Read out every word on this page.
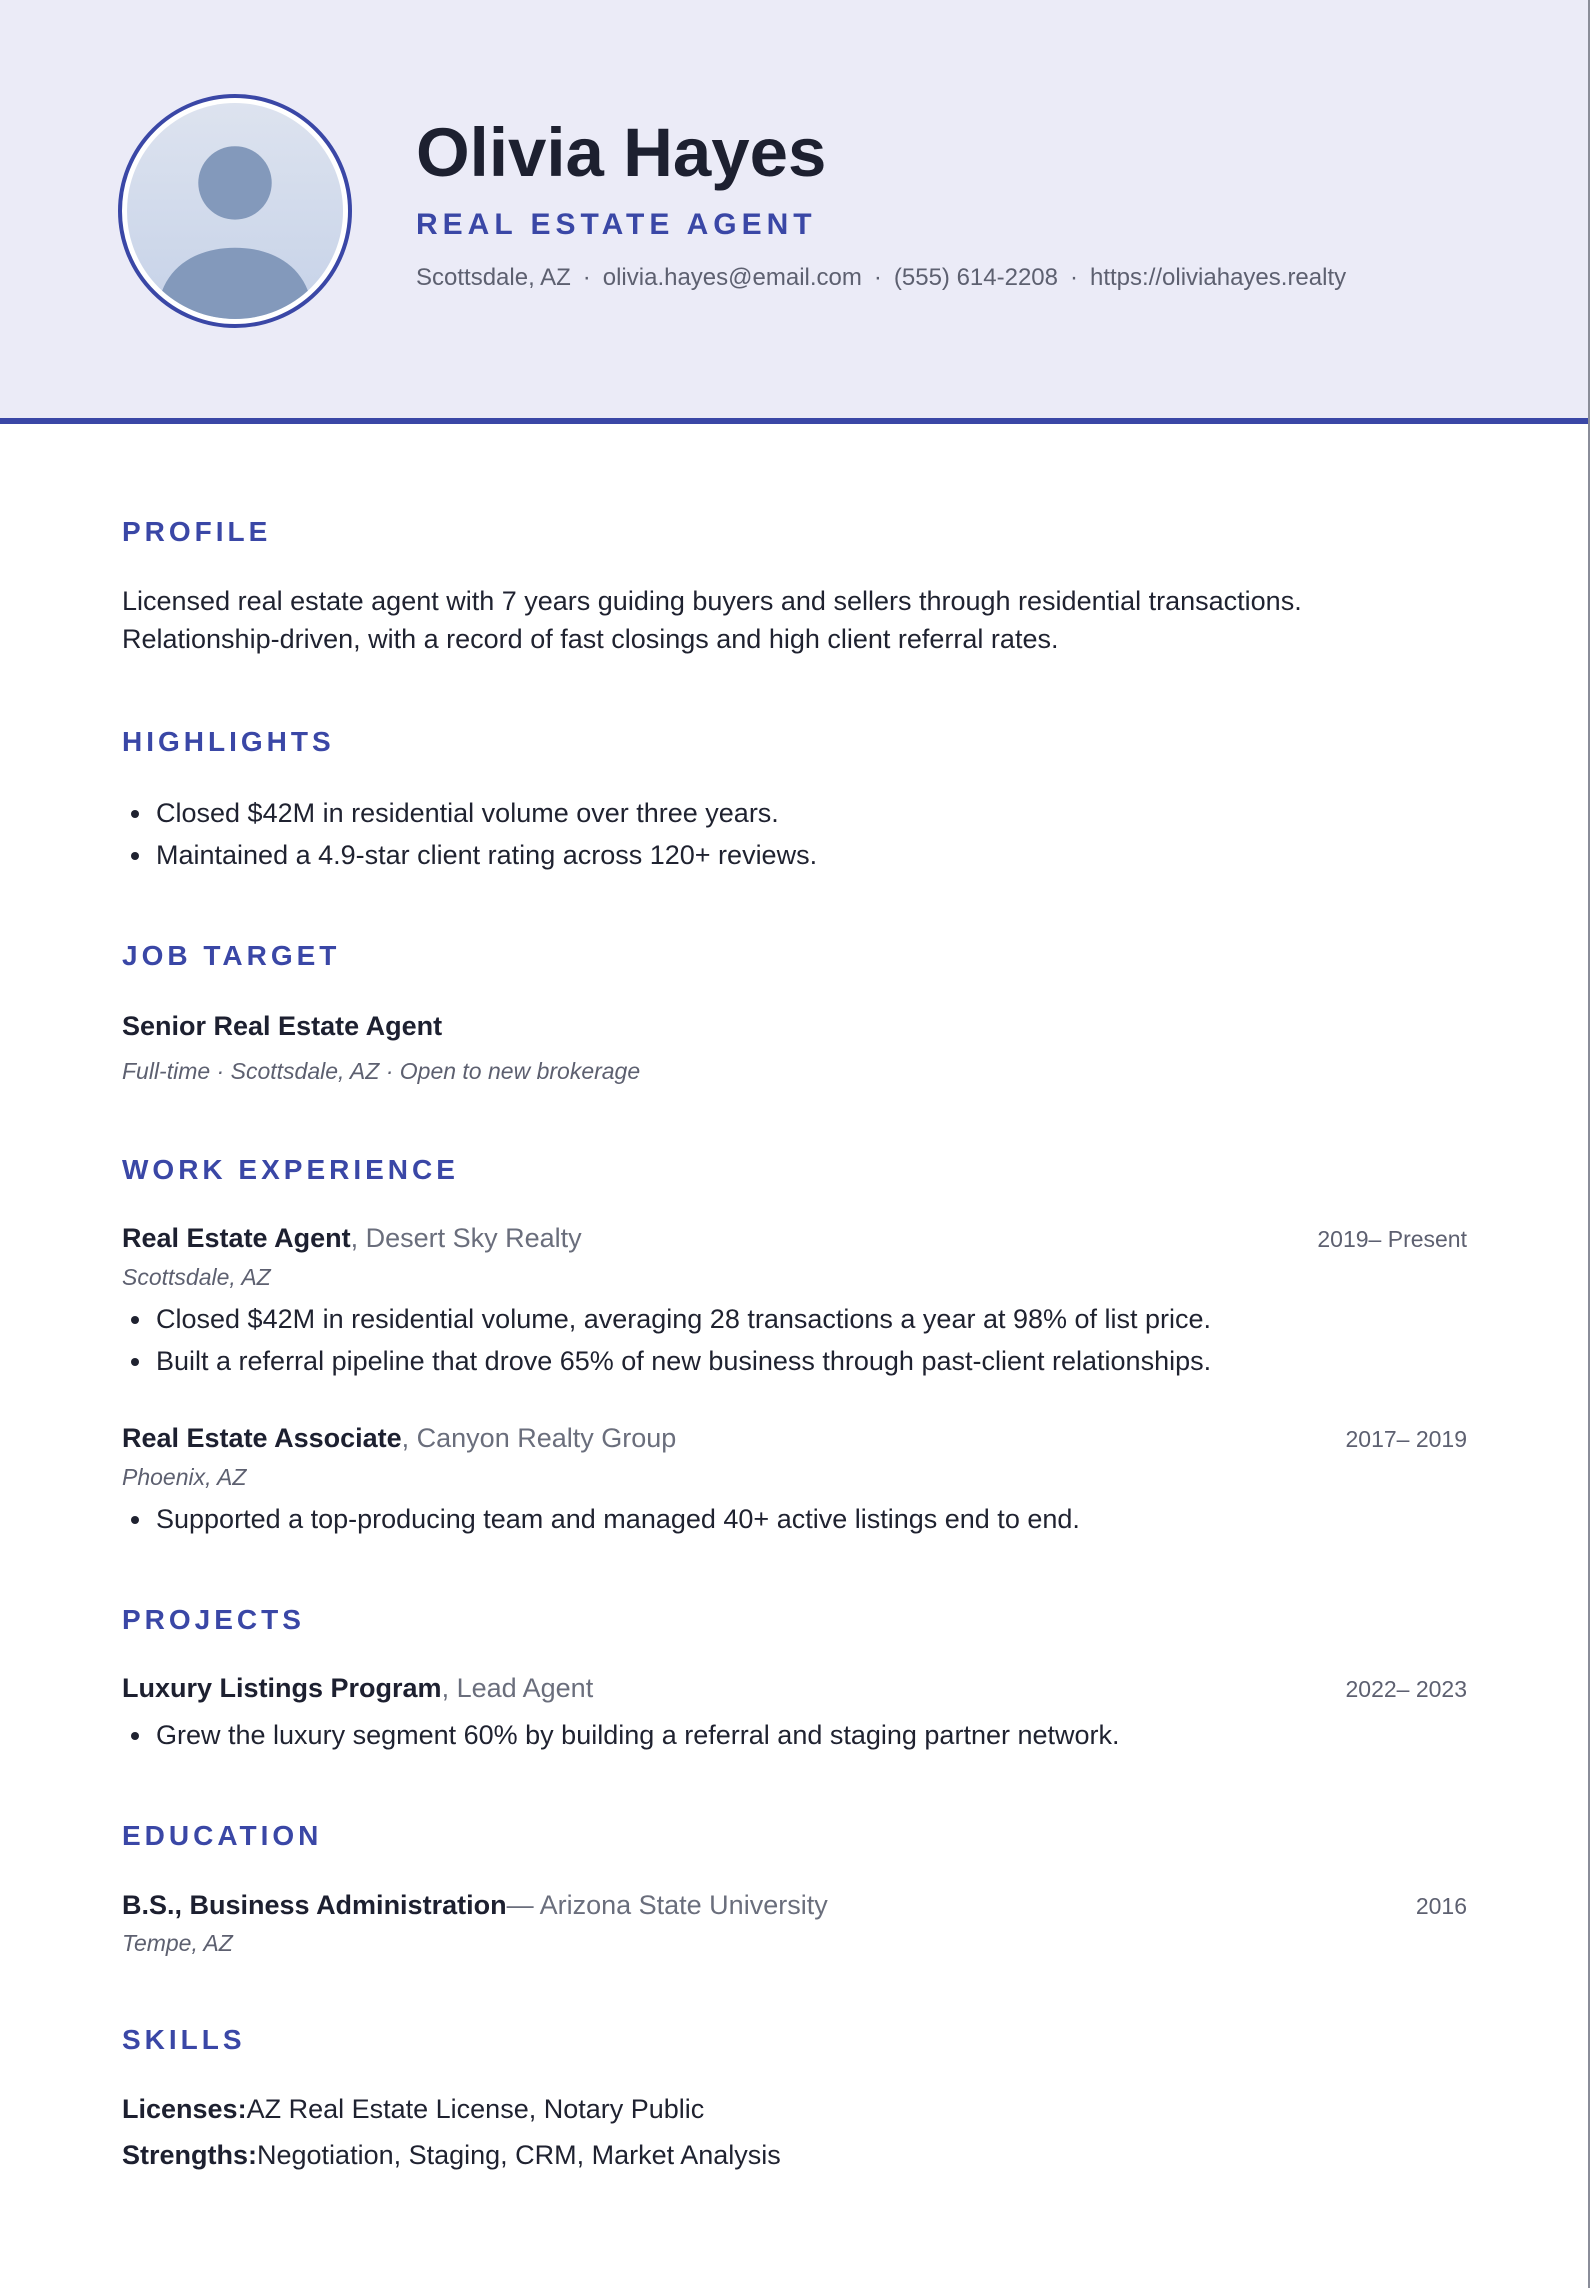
Olivia Hayes
REAL ESTATE AGENT
Scottsdale, AZ · olivia.hayes@email.com · (555) 614-2208 · https://oliviahayes.realty
PROFILE

Licensed real estate agent with 7 years guiding buyers and sellers through residential transactions. Relationship-driven, with a record of fast closings and high client referral rates.

HIGHLIGHTS
Closed $42M in residential volume over three years.
Maintained a 4.9-star client rating across 120+ reviews.
JOB TARGET
Senior Real Estate Agent
Full-time · Scottsdale, AZ · Open to new brokerage
WORK EXPERIENCE
Real Estate Agent, Desert Sky Realty	2019– Present
Scottsdale, AZ
Closed $42M in residential volume, averaging 28 transactions a year at 98% of list price.
Built a referral pipeline that drove 65% of new business through past-client relationships.
Real Estate Associate, Canyon Realty Group	2017– 2019
Phoenix, AZ
Supported a top-producing team and managed 40+ active listings end to end.
PROJECTS
Luxury Listings Program, Lead Agent	2022– 2023
Grew the luxury segment 60% by building a referral and staging partner network.
EDUCATION
B.S., Business Administration— Arizona State University	2016
Tempe, AZ
SKILLS
Licenses:AZ Real Estate License, Notary Public
Strengths:Negotiation, Staging, CRM, Market Analysis
